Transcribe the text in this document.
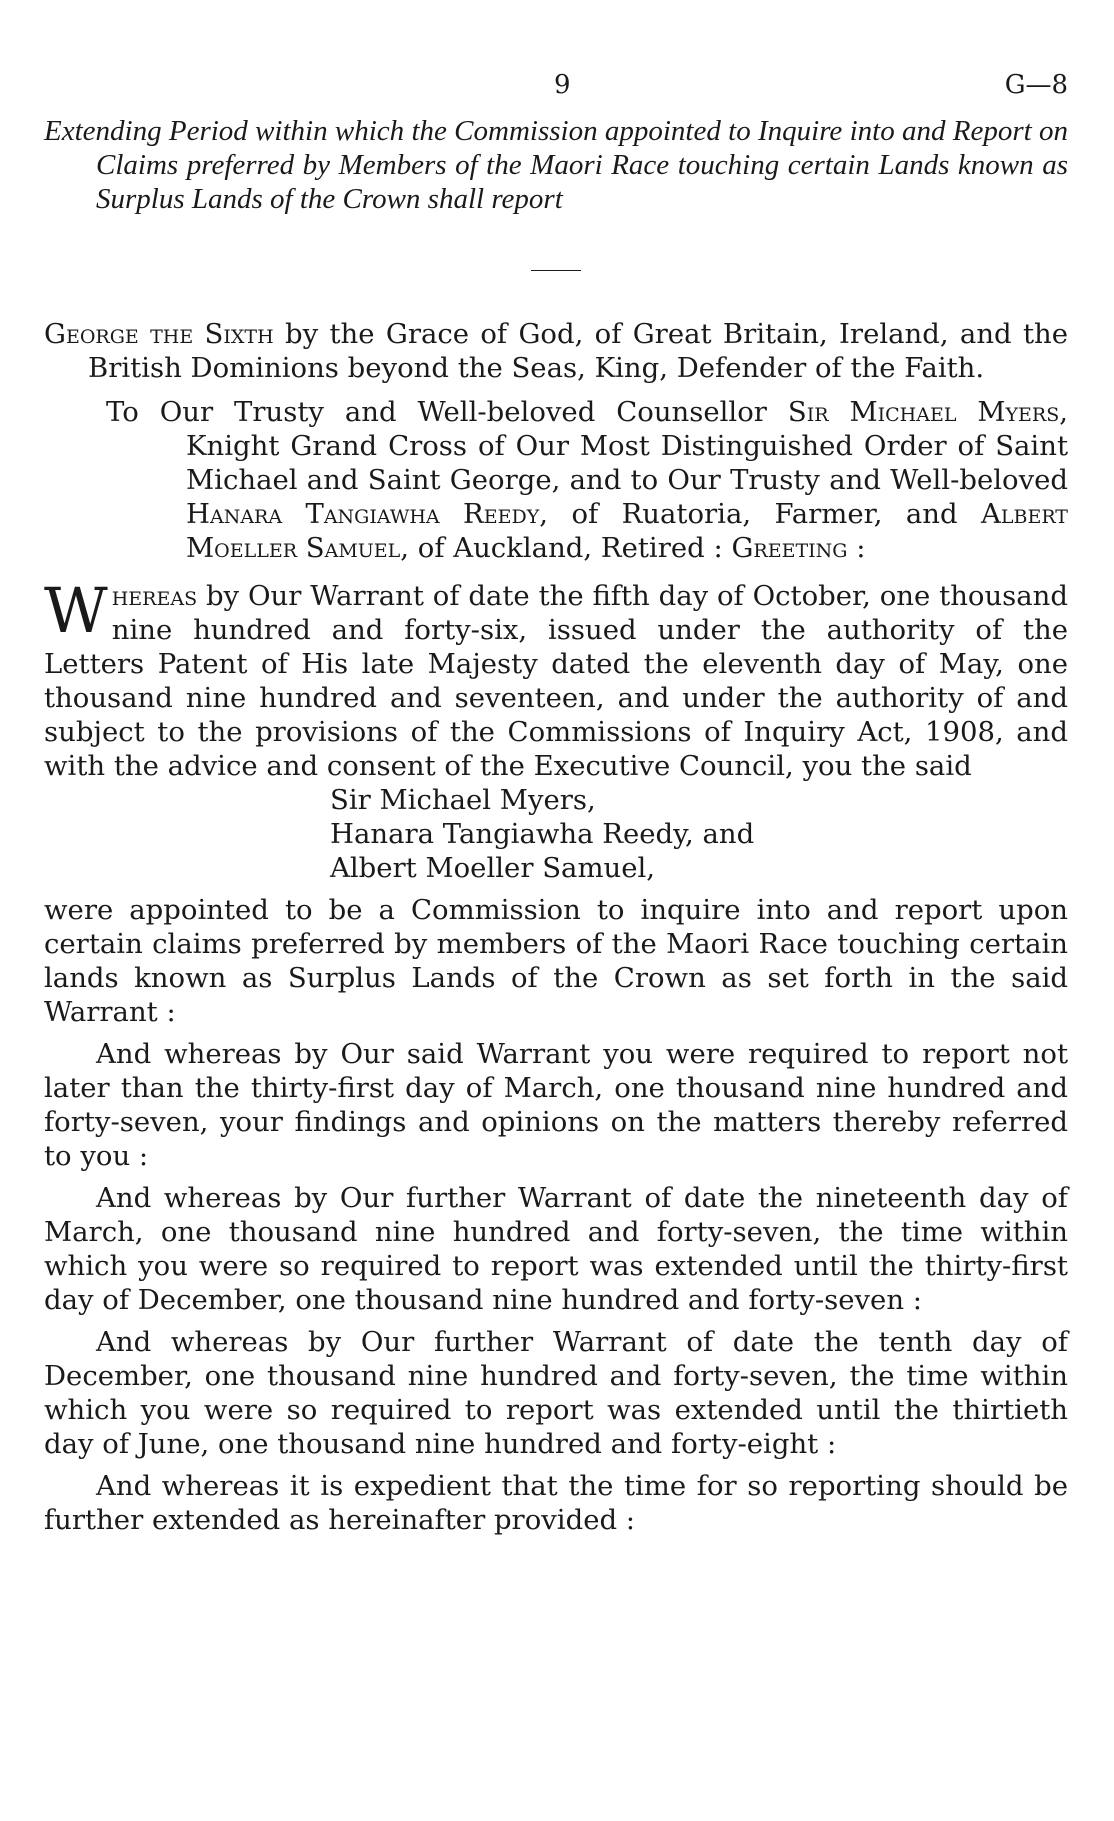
9	G—8

Extending Period within which the Commission appointed to Inquire into and Report on Claims preferred by Members of the Maori Race touching certain Lands known as Surplus Lands of the Crown shall report

George the Sixth by the Grace of God, of Great Britain, Ireland, and the British Dominions beyond the Seas, King, Defender of the Faith.

To Our Trusty and Well-beloved Counsellor Sir Michael Myers, Knight Grand Cross of Our Most Distinguished Order of Saint Michael and Saint George, and to Our Trusty and Well-beloved Hanara Tangiawha Reedy, of Ruatoria, Farmer, and Albert Moeller Samuel, of Auckland, Retired : Greeting :

Whereas by Our Warrant of date the fifth day of October, one thousand nine hundred and forty-six, issued under the authority of the Letters Patent of His late Majesty dated the eleventh day of May, one thousand nine hundred and seventeen, and under the authority of and subject to the provisions of the Commissions of Inquiry Act, 1908, and with the advice and consent of the Executive Council, you the said

Sir Michael Myers,
Hanara Tangiawha Reedy, and
Albert Moeller Samuel,

were appointed to be a Commission to inquire into and report upon certain claims preferred by members of the Maori Race touching certain lands known as Surplus Lands of the Crown as set forth in the said Warrant :

And whereas by Our said Warrant you were required to report not later than the thirty-first day of March, one thousand nine hundred and forty-seven, your findings and opinions on the matters thereby referred to you :

And whereas by Our further Warrant of date the nineteenth day of March, one thousand nine hundred and forty-seven, the time within which you were so required to report was extended until the thirty-first day of December, one thousand nine hundred and forty-seven :

And whereas by Our further Warrant of date the tenth day of December, one thousand nine hundred and forty-seven, the time within which you were so required to report was extended until the thirtieth day of June, one thousand nine hundred and forty-eight :

And whereas it is expedient that the time for so reporting should be further extended as hereinafter provided :
